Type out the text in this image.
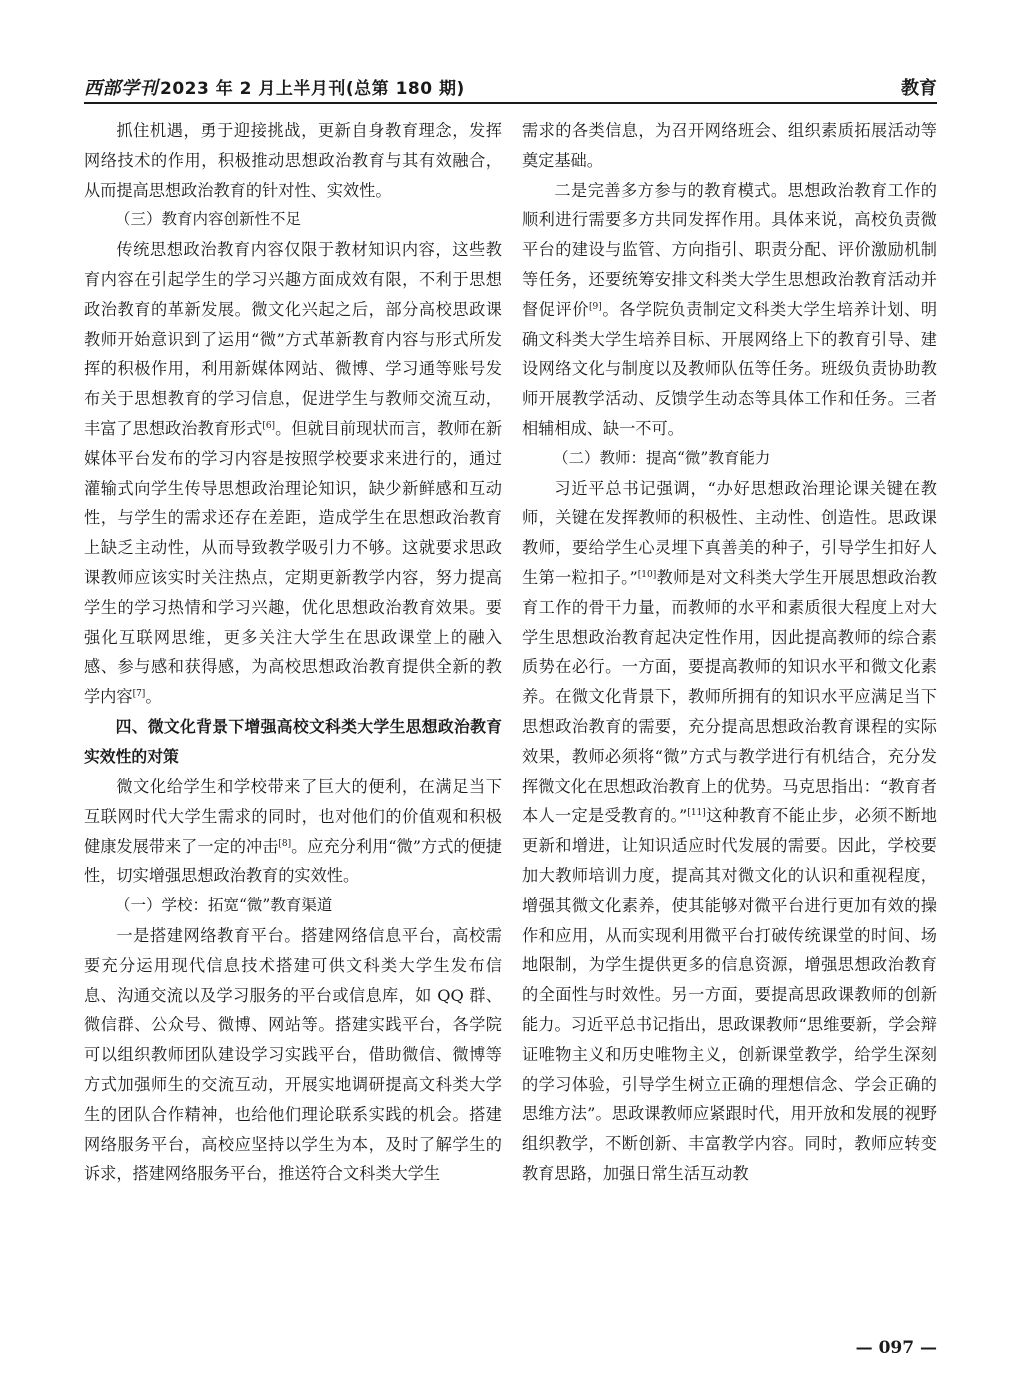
西部学刊 2023 年 2 月上半月刊(总第 180 期)	教育

抓住机遇，勇于迎接挑战，更新自身教育理念，发挥网络技术的作用，积极推动思想政治教育与其有效融合，从而提高思想政治教育的针对性、实效性。

（三）教育内容创新性不足

传统思想政治教育内容仅限于教材知识内容，这些教育内容在引起学生的学习兴趣方面成效有限，不利于思想政治教育的革新发展。微文化兴起之后，部分高校思政课教师开始意识到了运用“微”方式革新教育内容与形式所发挥的积极作用，利用新媒体网站、微博、学习通等账号发布关于思想教育的学习信息，促进学生与教师交流互动，丰富了思想政治教育形式[6]。但就目前现状而言，教师在新媒体平台发布的学习内容是按照学校要求来进行的，通过灌输式向学生传导思想政治理论知识，缺少新鲜感和互动性，与学生的需求还存在差距，造成学生在思想政治教育上缺乏主动性，从而导致教学吸引力不够。这就要求思政课教师应该实时关注热点，定期更新教学内容，努力提高学生的学习热情和学习兴趣，优化思想政治教育效果。要强化互联网思维，更多关注大学生在思政课堂上的融入感、参与感和获得感，为高校思想政治教育提供全新的教学内容[7]。

四、微文化背景下增强高校文科类大学生思想政治教育实效性的对策

微文化给学生和学校带来了巨大的便利，在满足当下互联网时代大学生需求的同时，也对他们的价值观和积极健康发展带来了一定的冲击[8]。应充分利用“微”方式的便捷性，切实增强思想政治教育的实效性。

（一）学校：拓宽“微”教育渠道

一是搭建网络教育平台。搭建网络信息平台，高校需要充分运用现代信息技术搭建可供文科类大学生发布信息、沟通交流以及学习服务的平台或信息库，如 QQ 群、微信群、公众号、微博、网站等。搭建实践平台，各学院可以组织教师团队建设学习实践平台，借助微信、微博等方式加强师生的交流互动，开展实地调研提高文科类大学生的团队合作精神，也给他们理论联系实践的机会。搭建网络服务平台，高校应坚持以学生为本，及时了解学生的诉求，搭建网络服务平台，推送符合文科类大学生

需求的各类信息，为召开网络班会、组织素质拓展活动等奠定基础。

二是完善多方参与的教育模式。思想政治教育工作的顺利进行需要多方共同发挥作用。具体来说，高校负责微平台的建设与监管、方向指引、职责分配、评价激励机制等任务，还要统筹安排文科类大学生思想政治教育活动并督促评价[9]。各学院负责制定文科类大学生培养计划、明确文科类大学生培养目标、开展网络上下的教育引导、建设网络文化与制度以及教师队伍等任务。班级负责协助教师开展教学活动、反馈学生动态等具体工作和任务。三者相辅相成、缺一不可。

（二）教师：提高“微”教育能力

习近平总书记强调，“办好思想政治理论课关键在教师，关键在发挥教师的积极性、主动性、创造性。思政课教师，要给学生心灵埋下真善美的种子，引导学生扣好人生第一粒扣子。”[10]教师是对文科类大学生开展思想政治教育工作的骨干力量，而教师的水平和素质很大程度上对大学生思想政治教育起决定性作用，因此提高教师的综合素质势在必行。一方面，要提高教师的知识水平和微文化素养。在微文化背景下，教师所拥有的知识水平应满足当下思想政治教育的需要，充分提高思想政治教育课程的实际效果，教师必须将“微”方式与教学进行有机结合，充分发挥微文化在思想政治教育上的优势。马克思指出：“教育者本人一定是受教育的。”[11]这种教育不能止步，必须不断地更新和增进，让知识适应时代发展的需要。因此，学校要加大教师培训力度，提高其对微文化的认识和重视程度，增强其微文化素养，使其能够对微平台进行更加有效的操作和应用，从而实现利用微平台打破传统课堂的时间、场地限制，为学生提供更多的信息资源，增强思想政治教育的全面性与时效性。另一方面，要提高思政课教师的创新能力。习近平总书记指出，思政课教师“思维要新，学会辩证唯物主义和历史唯物主义，创新课堂教学，给学生深刻的学习体验，引导学生树立正确的理想信念、学会正确的思维方法”。思政课教师应紧跟时代，用开放和发展的视野组织教学，不断创新、丰富教学内容。同时，教师应转变教育思路，加强日常生活互动教

— 097 —
